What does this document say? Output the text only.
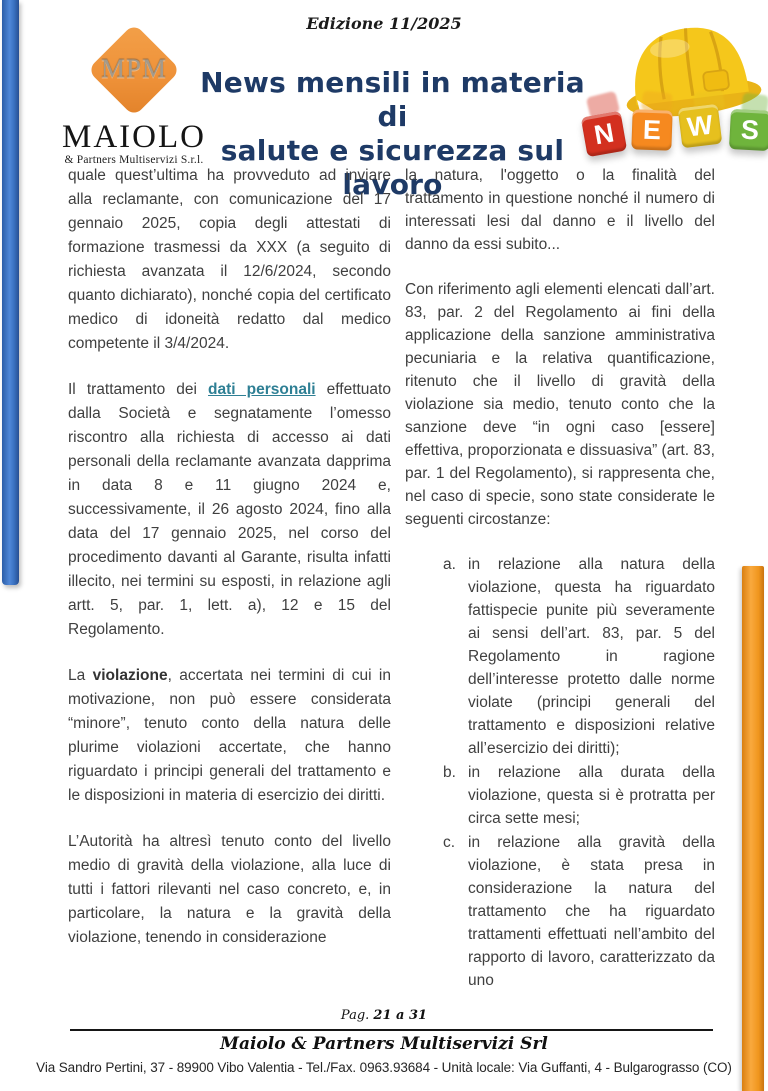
Edizione 11/2025
MPM
MAIOLO
& Partners Multiservizi S.r.l.
News mensili in materia di
salute e sicurezza sul lavoro
N E W S

quale quest’ultima ha provveduto ad inviare alla reclamante, con comunicazione del 17 gennaio 2025, copia degli attestati di formazione trasmessi da XXX (a seguito di richiesta avanzata il 12/6/2024, secondo quanto dichiarato), nonché copia del certificato medico di idoneità redatto dal medico competente il 3/4/2024.

Il trattamento dei dati personali effettuato dalla Società e segnatamente l’omesso riscontro alla richiesta di accesso ai dati personali della reclamante avanzata dapprima in data 8 e 11 giugno 2024 e, successivamente, il 26 agosto 2024, fino alla data del 17 gennaio 2025, nel corso del procedimento davanti al Garante, risulta infatti illecito, nei termini su esposti, in relazione agli artt. 5, par. 1, lett. a), 12 e 15 del Regolamento.

La violazione, accertata nei termini di cui in motivazione, non può essere considerata “minore”, tenuto conto della natura delle plurime violazioni accertate, che hanno riguardato i principi generali del trattamento e le disposizioni in materia di esercizio dei diritti.

L’Autorità ha altresì tenuto conto del livello medio di gravità della violazione, alla luce di tutti i fattori rilevanti nel caso concreto, e, in particolare, la natura e la gravità della violazione, tenendo in considerazione

la natura, l'oggetto o la finalità del trattamento in questione nonché il numero di interessati lesi dal danno e il livello del danno da essi subito...

Con riferimento agli elementi elencati dall’art. 83, par. 2 del Regolamento ai fini della applicazione della sanzione amministrativa pecuniaria e la relativa quantificazione, ritenuto che il livello di gravità della violazione sia medio, tenuto conto che la sanzione deve “in ogni caso [essere] effettiva, proporzionata e dissuasiva” (art. 83, par. 1 del Regolamento), si rappresenta che, nel caso di specie, sono state considerate le seguenti circostanze:

a. in relazione alla natura della violazione, questa ha riguardato fattispecie punite più severamente ai sensi dell’art. 83, par. 5 del Regolamento in ragione dell’interesse protetto dalle norme violate (principi generali del trattamento e disposizioni relative all’esercizio dei diritti);
b. in relazione alla durata della violazione, questa si è protratta per circa sette mesi;
c. in relazione alla gravità della violazione, è stata presa in considerazione la natura del trattamento che ha riguardato trattamenti effettuati nell’ambito del rapporto di lavoro, caratterizzato da uno
Pag. 21 a 31
Maiolo & Partners Multiservizi Srl
Via Sandro Pertini, 37 - 89900 Vibo Valentia - Tel./Fax. 0963.93684 - Unità locale: Via Guffanti, 4 - Bulgarograsso (CO)
